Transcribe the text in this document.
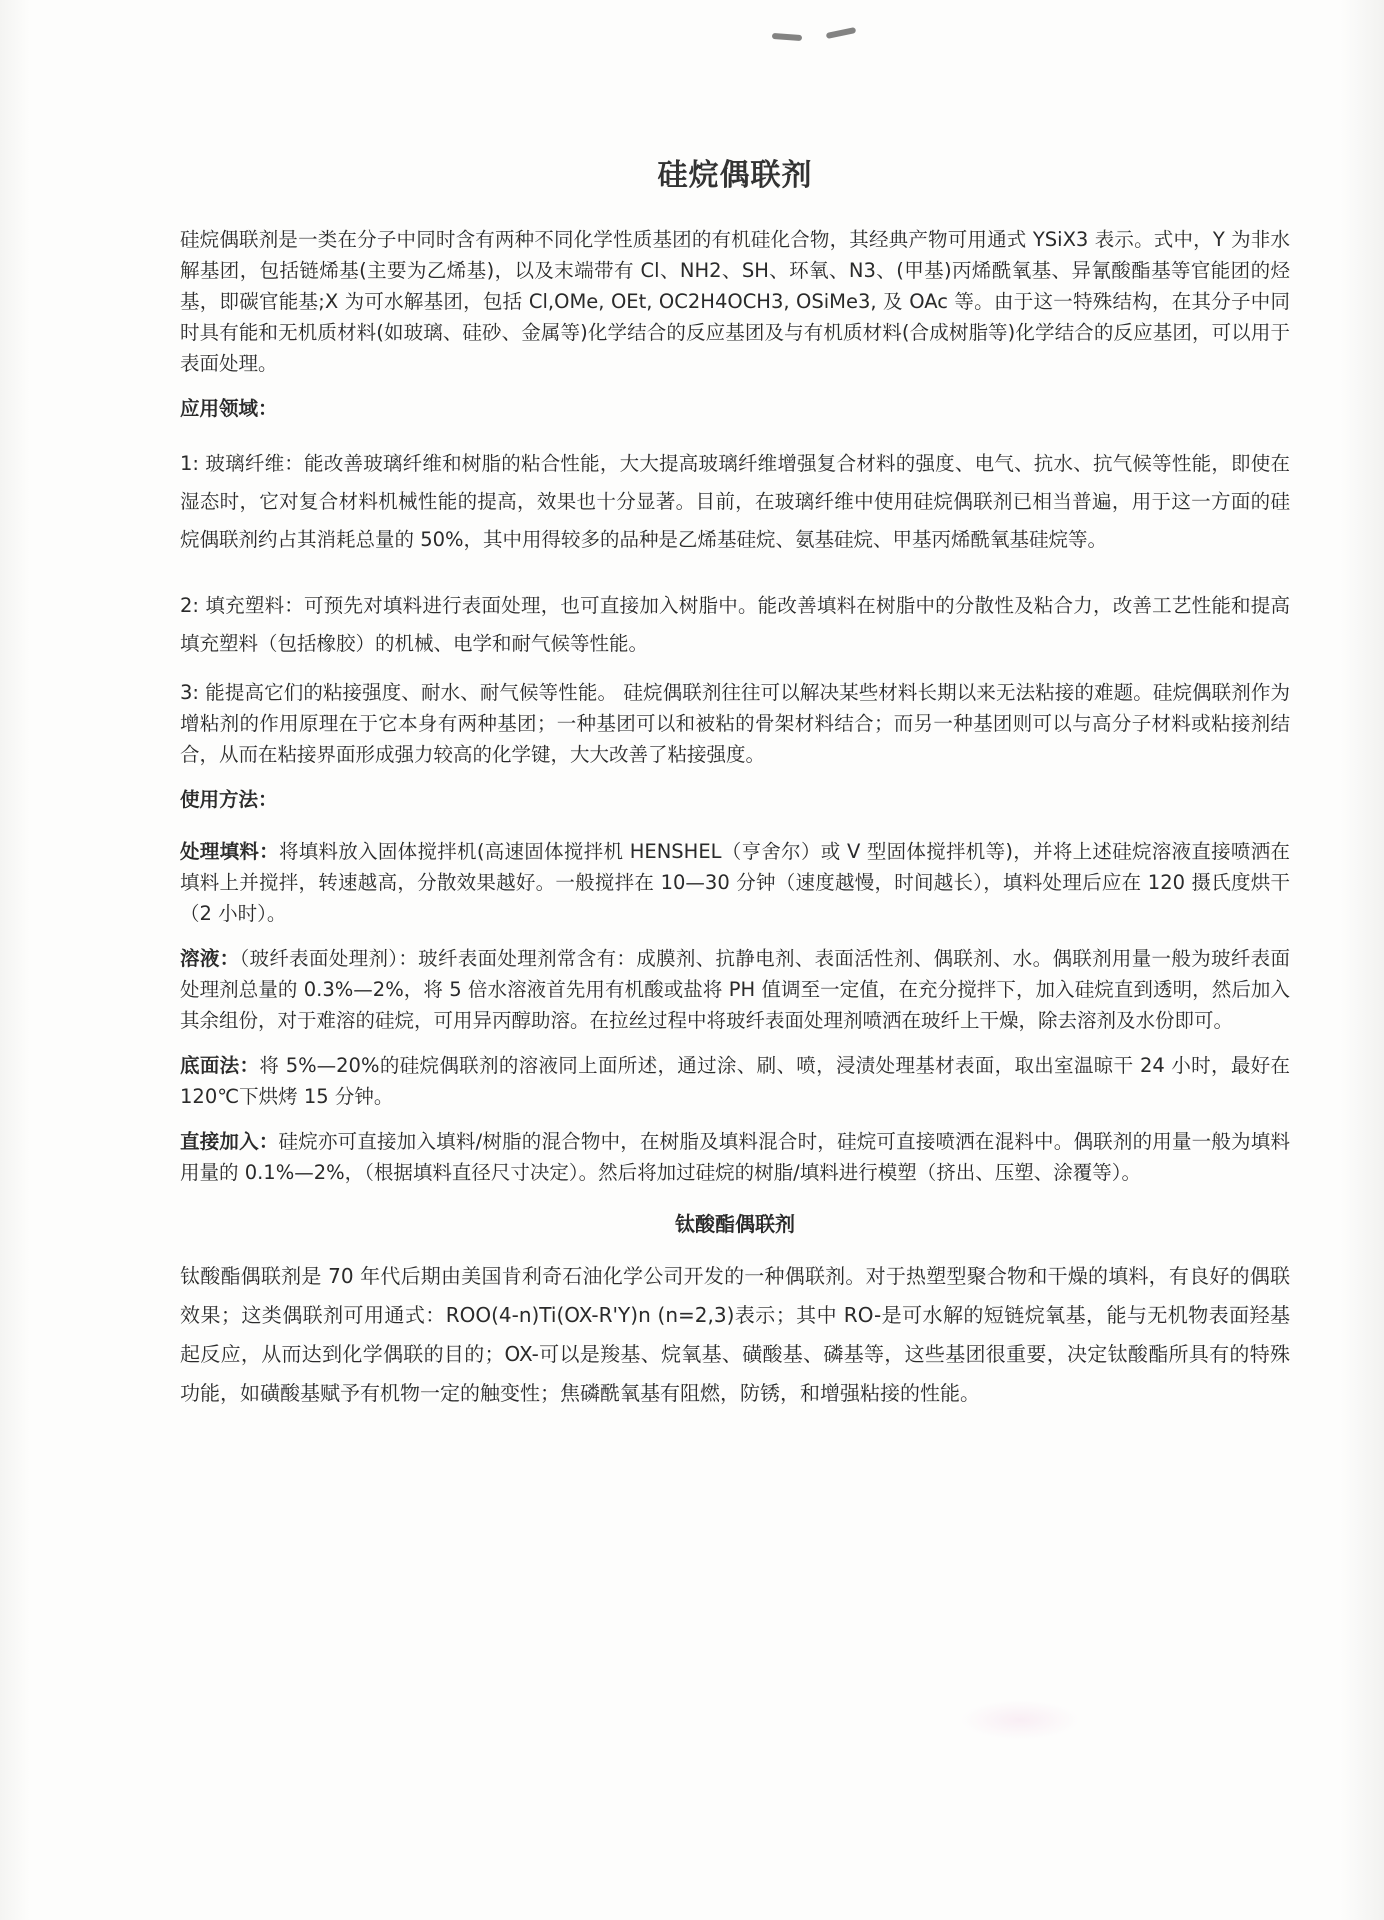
硅烷偶联剂

硅烷偶联剂是一类在分子中同时含有两种不同化学性质基团的有机硅化合物，其经典产物可用通式 YSiX3 表示。式中，Y 为非水解基团，包括链烯基(主要为乙烯基)，以及末端带有 Cl、NH2、SH、环氧、N3、(甲基)丙烯酰氧基、异氰酸酯基等官能团的烃基，即碳官能基;X 为可水解基团，包括 Cl,OMe, OEt, OC2H4OCH3, OSiMe3, 及 OAc 等。由于这一特殊结构，在其分子中同时具有能和无机质材料(如玻璃、硅砂、金属等)化学结合的反应基团及与有机质材料(合成树脂等)化学结合的反应基团，可以用于表面处理。

应用领域：

1: 玻璃纤维：能改善玻璃纤维和树脂的粘合性能，大大提高玻璃纤维增强复合材料的强度、电气、抗水、抗气候等性能，即使在湿态时，它对复合材料机械性能的提高，效果也十分显著。目前，在玻璃纤维中使用硅烷偶联剂已相当普遍，用于这一方面的硅烷偶联剂约占其消耗总量的 50%，其中用得较多的品种是乙烯基硅烷、氨基硅烷、甲基丙烯酰氧基硅烷等。

2: 填充塑料：可预先对填料进行表面处理，也可直接加入树脂中。能改善填料在树脂中的分散性及粘合力，改善工艺性能和提高填充塑料（包括橡胶）的机械、电学和耐气候等性能。

3: 能提高它们的粘接强度、耐水、耐气候等性能。 硅烷偶联剂往往可以解决某些材料长期以来无法粘接的难题。硅烷偶联剂作为增粘剂的作用原理在于它本身有两种基团；一种基团可以和被粘的骨架材料结合；而另一种基团则可以与高分子材料或粘接剂结合，从而在粘接界面形成强力较高的化学键，大大改善了粘接强度。

使用方法：

处理填料：将填料放入固体搅拌机(高速固体搅拌机 HENSHEL（亨舍尔）或 V 型固体搅拌机等)，并将上述硅烷溶液直接喷洒在填料上并搅拌，转速越高，分散效果越好。一般搅拌在 10—30 分钟（速度越慢，时间越长），填料处理后应在 120 摄氏度烘干（2 小时）。

溶液：（玻纤表面处理剂）：玻纤表面处理剂常含有：成膜剂、抗静电剂、表面活性剂、偶联剂、水。偶联剂用量一般为玻纤表面处理剂总量的 0.3%—2%，将 5 倍水溶液首先用有机酸或盐将 PH 值调至一定值，在充分搅拌下，加入硅烷直到透明，然后加入其余组份，对于难溶的硅烷，可用异丙醇助溶。在拉丝过程中将玻纤表面处理剂喷洒在玻纤上干燥，除去溶剂及水份即可。

底面法：将 5%—20%的硅烷偶联剂的溶液同上面所述，通过涂、刷、喷，浸渍处理基材表面，取出室温晾干 24 小时，最好在 120℃下烘烤 15 分钟。

直接加入：硅烷亦可直接加入填料/树脂的混合物中，在树脂及填料混合时，硅烷可直接喷洒在混料中。偶联剂的用量一般为填料用量的 0.1%—2%，（根据填料直径尺寸决定）。然后将加过硅烷的树脂/填料进行模塑（挤出、压塑、涂覆等）。

钛酸酯偶联剂

钛酸酯偶联剂是 70 年代后期由美国肯利奇石油化学公司开发的一种偶联剂。对于热塑型聚合物和干燥的填料，有良好的偶联效果；这类偶联剂可用通式：ROO(4-n)Ti(OX-R'Y)n (n=2,3)表示；其中 RO-是可水解的短链烷氧基，能与无机物表面羟基起反应，从而达到化学偶联的目的；OX-可以是羧基、烷氧基、磺酸基、磷基等，这些基团很重要，决定钛酸酯所具有的特殊功能，如磺酸基赋予有机物一定的触变性；焦磷酰氧基有阻燃，防锈，和增强粘接的性能。
